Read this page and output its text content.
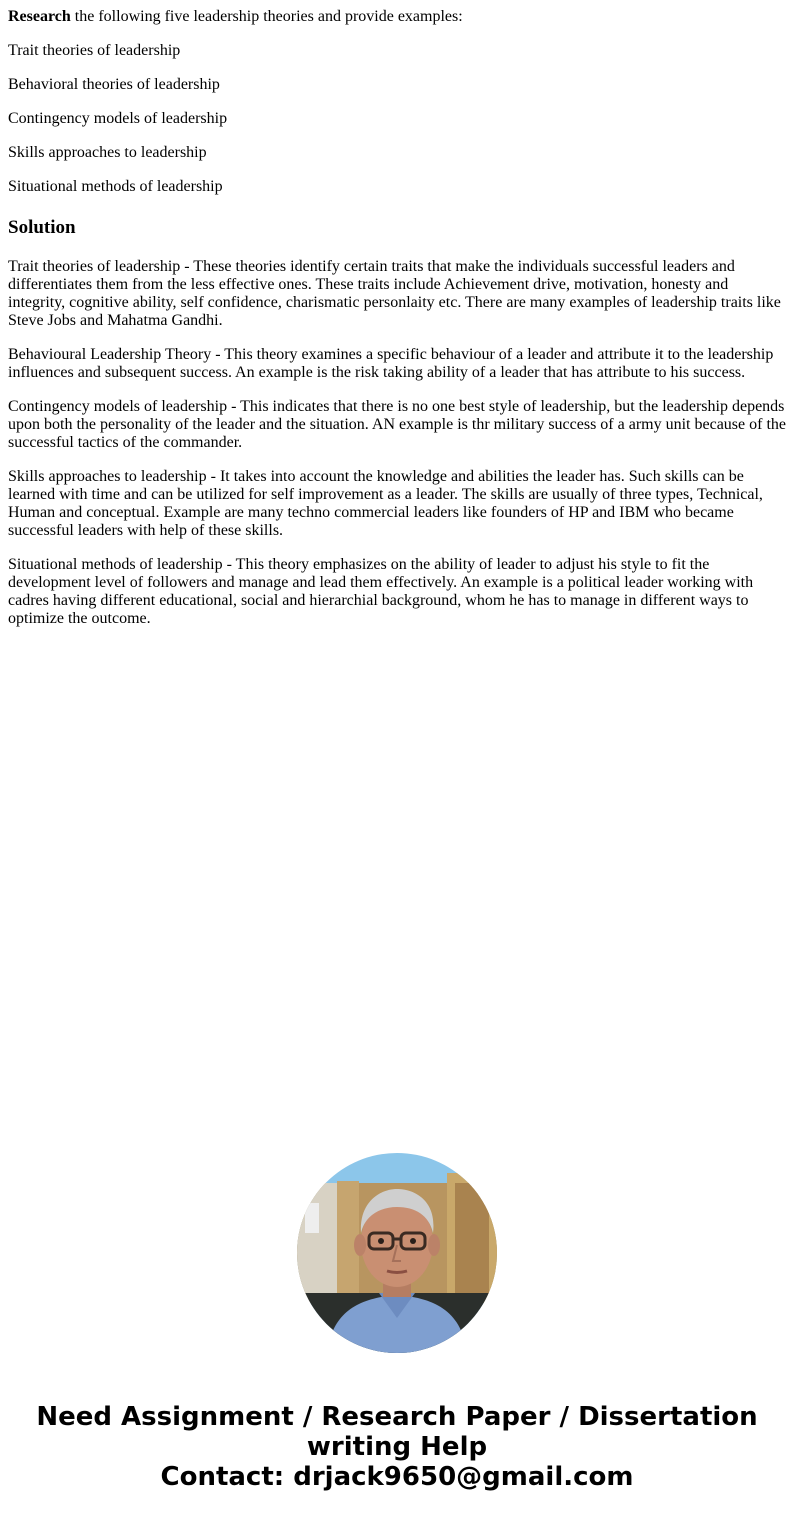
Research the following five leadership theories and provide examples:

Trait theories of leadership

Behavioral theories of leadership

Contingency models of leadership

Skills approaches to leadership

Situational methods of leadership

Solution

Trait theories of leadership - These theories identify certain traits that make the individuals successful leaders and differentiates them from the less effective ones. These traits include Achievement drive, motivation, honesty and integrity, cognitive ability, self confidence, charismatic personlaity etc. There are many examples of leadership traits like Steve Jobs and Mahatma Gandhi.

Behavioural Leadership Theory - This theory examines a specific behaviour of a leader and attribute it to the leadership influences and subsequent success. An example is the risk taking ability of a leader that has attribute to his success.

Contingency models of leadership - This indicates that there is no one best style of leadership, but the leadership depends upon both the personality of the leader and the situation. AN example is thr military success of a army unit because of the successful tactics of the commander.

Skills approaches to leadership - It takes into account the knowledge and abilities the leader has. Such skills can be learned with time and can be utilized for self improvement as a leader. The skills are usually of three types, Technical, Human and conceptual. Example are many techno commercial leaders like founders of HP and IBM who became successful leaders with help of these skills.

Situational methods of leadership - This theory emphasizes on the ability of leader to adjust his style to fit the development level of followers and manage and lead them effectively. An example is a political leader working with cadres having different educational, social and hierarchial background, whom he has to manage in different ways to optimize the outcome.

Need Assignment / Research Paper / Dissertation
writing Help
Contact: drjack9650@gmail.com
